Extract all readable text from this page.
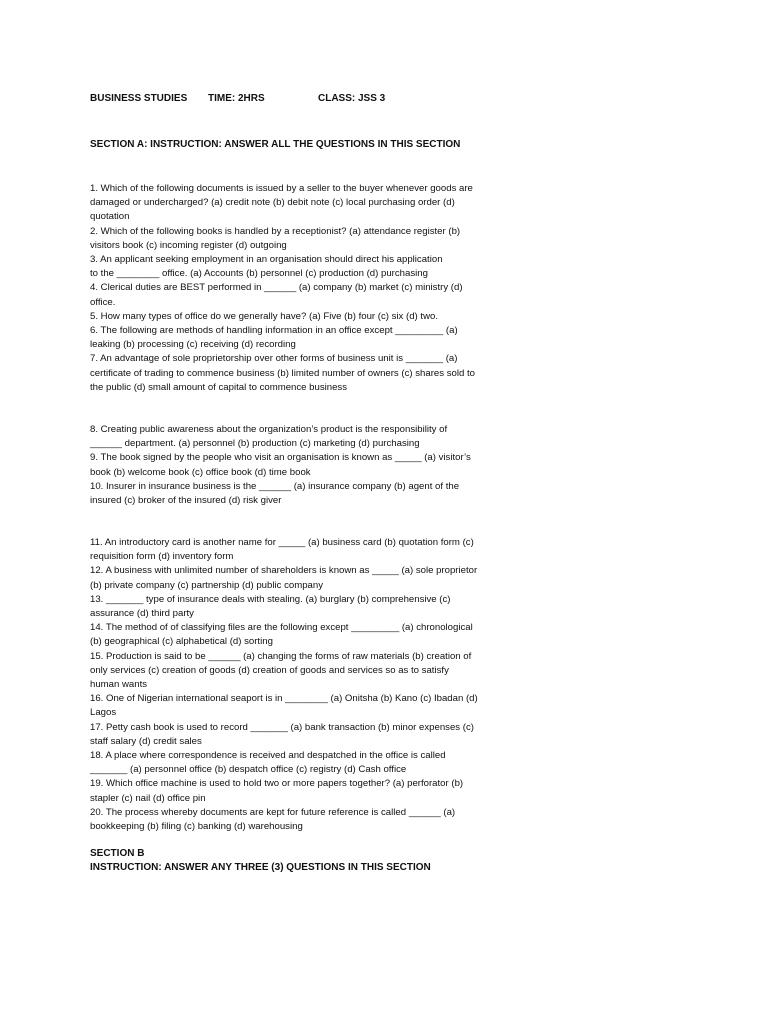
BUSINESS STUDIES TIME: 2HRS	CLASS: JSS 3
SECTION A: INSTRUCTION: ANSWER ALL THE QUESTIONS IN THIS SECTION

1. Which of the following documents is issued by a seller to the buyer whenever goods are damaged or undercharged? (a) credit note (b) debit note (c) local purchasing order (d) quotation

2. Which of the following books is handled by a receptionist? (a) attendance register (b) visitors book (c) incoming register (d) outgoing

3. An applicant seeking employment in an organisation should direct his application

to the ________ office. (a) Accounts (b) personnel (c) production (d) purchasing

4. Clerical duties are BEST performed in ______ (a) company (b) market (c) ministry (d) office.

5. How many types of office do we generally have? (a) Five (b) four (c) six (d) two.

6. The following are methods of handling information in an office except _________ (a) leaking (b) processing (c) receiving (d) recording

7. An advantage of sole proprietorship over other forms of business unit is _______ (a) certificate of trading to commence business (b) limited number of owners (c) shares sold to the public (d) small amount of capital to commence business

8. Creating public awareness about the organization’s product is the responsibility of ______ department. (a) personnel (b) production (c) marketing (d) purchasing

9. The book signed by the people who visit an organisation is known as _____ (a) visitor’s book (b) welcome book (c) office book (d) time book

10. Insurer in insurance business is the ______ (a) insurance company (b) agent of the insured (c) broker of the insured (d) risk giver

11. An introductory card is another name for _____ (a) business card (b) quotation form (c) requisition form (d) inventory form

12. A business with unlimited number of shareholders is known as _____ (a) sole proprietor (b) private company (c) partnership (d) public company

13. _______ type of insurance deals with stealing. (a) burglary (b) comprehensive (c) assurance (d) third party

14. The method of of classifying files are the following except _________ (a) chronological (b) geographical (c) alphabetical (d) sorting

15. Production is said to be ______ (a) changing the forms of raw materials (b) creation of only services (c) creation of goods (d) creation of goods and services so as to satisfy human wants

16. One of Nigerian international seaport is in ________ (a) Onitsha (b) Kano (c) Ibadan (d) Lagos

17. Petty cash book is used to record _______ (a) bank transaction (b) minor expenses (c) staff salary (d) credit sales

18. A place where correspondence is received and despatched in the office is called _______ (a) personnel office (b) despatch office (c) registry (d) Cash office

19. Which office machine is used to hold two or more papers together? (a) perforator (b) stapler (c) nail (d) office pin

20. The process whereby documents are kept for future reference is called ______ (a) bookkeeping (b) filing (c) banking (d) warehousing

SECTION B
INSTRUCTION: ANSWER ANY THREE (3) QUESTIONS IN THIS SECTION
